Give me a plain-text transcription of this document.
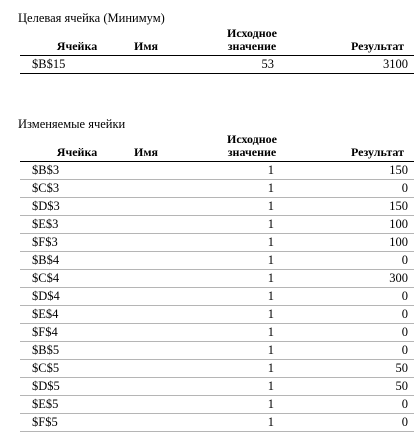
Целевая ячейка (Минимум)
Ячейка	Имя	Исходное
значение	Результат
$B$15		53	3100
Изменяемые ячейки
Ячейка	Имя	Исходное
значение	Результат
$B$3		1	150
$C$3		1	0
$D$3		1	150
$E$3		1	100
$F$3		1	100
$B$4		1	0
$C$4		1	300
$D$4		1	0
$E$4		1	0
$F$4		1	0
$B$5		1	0
$C$5		1	50
$D$5		1	50
$E$5		1	0
$F$5		1	0
